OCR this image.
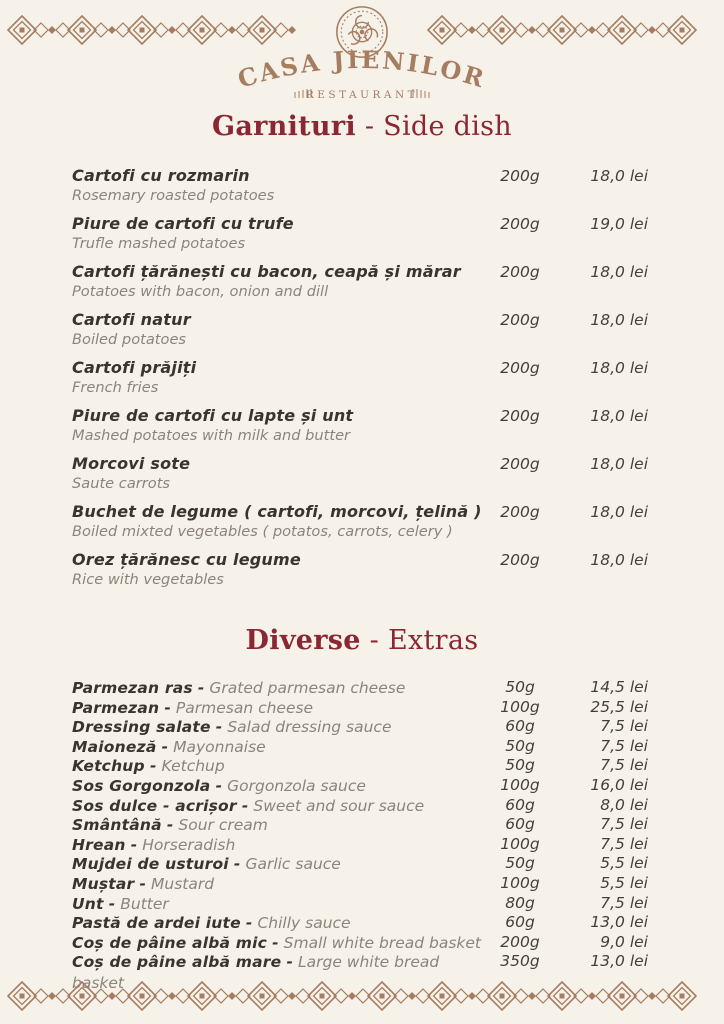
CASA JIENILOR
RESTAURANT
Garnituri - Side dish
Cartofi cu rozmarin
Rosemary roasted potatoes
200g	18,0 lei
Piure de cartofi cu trufe
Trufle mashed potatoes
200g	19,0 lei
Cartofi țărănești cu bacon, ceapă și mărar
Potatoes with bacon, onion and dill
200g	18,0 lei
Cartofi natur
Boiled potatoes
200g	18,0 lei
Cartofi prăjiți
French fries
200g	18,0 lei
Piure de cartofi cu lapte și unt
Mashed potatoes with milk and butter
200g	18,0 lei
Morcovi sote
Saute carrots
200g	18,0 lei
Buchet de legume ( cartofi, morcovi, țelină )
Boiled mixted vegetables ( potatos, carrots, celery )
200g	18,0 lei
Orez țărănesc cu legume
Rice with vegetables
200g	18,0 lei
Diverse - Extras
Parmezan ras - Grated parmesan cheese	50g	14,5 lei
Parmezan - Parmesan cheese	100g	25,5 lei
Dressing salate - Salad dressing sauce	60g	7,5 lei
Maioneză - Mayonnaise	50g	7,5 lei
Ketchup - Ketchup	50g	7,5 lei
Sos Gorgonzola - Gorgonzola sauce	100g	16,0 lei
Sos dulce - acrișor - Sweet and sour sauce	60g	8,0 lei
Smântână - Sour cream	60g	7,5 lei
Hrean - Horseradish	100g	7,5 lei
Mujdei de usturoi - Garlic sauce	50g	5,5 lei
Muștar - Mustard	100g	5,5 lei
Unt - Butter	80g	7,5 lei
Pastă de ardei iute - Chilly sauce	60g	13,0 lei
Coș de pâine albă mic - Small white bread basket	200g	9,0 lei
Coș de pâine albă mare - Large white bread basket
350g	13,0 lei
